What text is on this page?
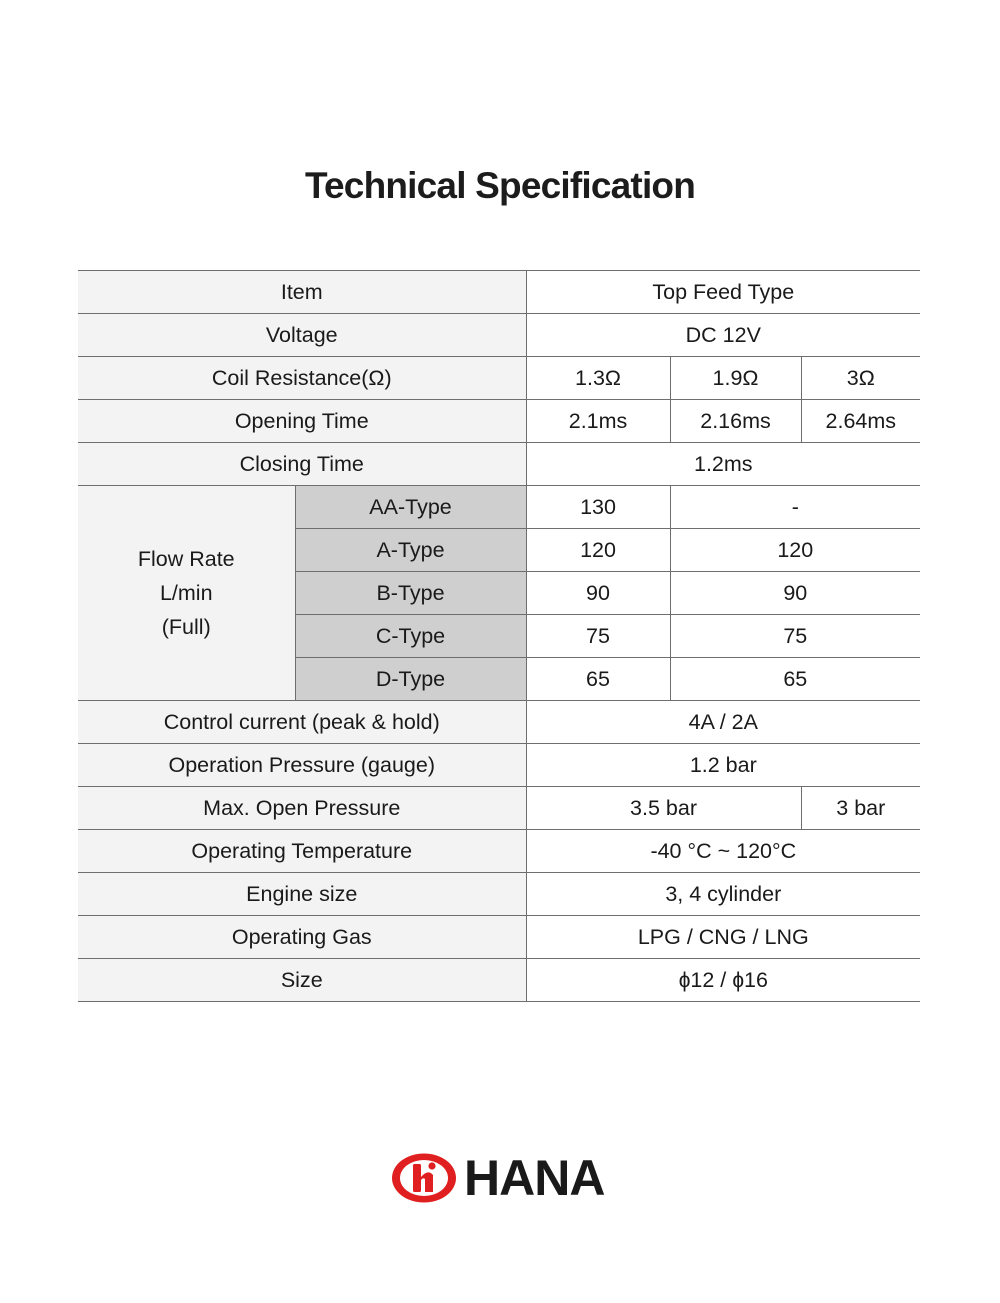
Technical Specification
Item		Top Feed Type		
Voltage		DC 12V		
Coil Resistance(Ω)		1.3Ω	1.9Ω	3Ω
Opening Time		2.1ms	2.16ms	2.64ms
Closing Time		1.2ms		

Flow Rate
L/min
(Full)	AA-Type	130	-	
	A-Type	120	120	
	B-Type	90	90	
	C-Type	75	75	
	D-Type	65	65	
Control current (peak & hold)		4A / 2A		
Operation Pressure (gauge)		1.2 bar		
Max. Open Pressure		3.5 bar		3 bar
Operating Temperature		-40 °C ~ 120°C		
Engine size		3, 4 cylinder		
Operating Gas		LPG / CNG / LNG		
Size		ɸ12 / ɸ16		
HANA
